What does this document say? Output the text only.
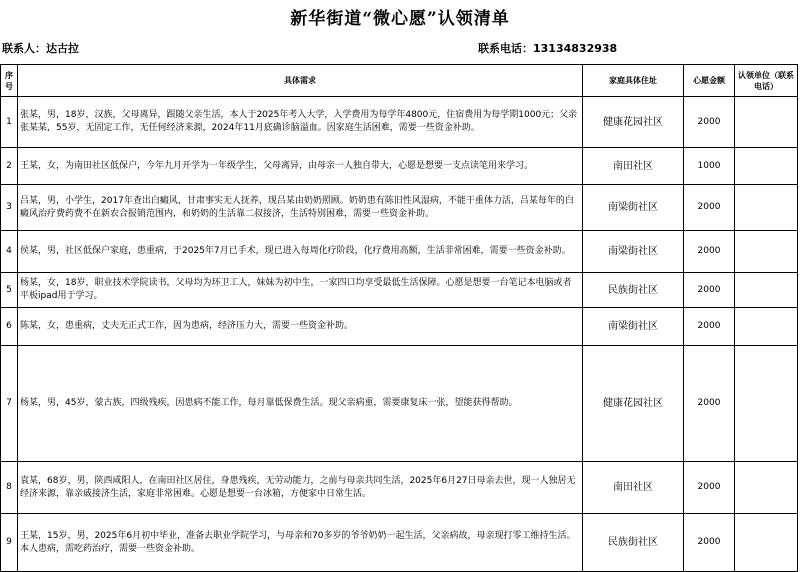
新华街道“微心愿”认领清单
联系人：达古拉	联系电话：13134832938
序号	具体需求	家庭具体住址	心愿金额	认领单位（联系电话）
1	张某，男，18岁，汉族，父母离异，跟随父亲生活，本人于2025年考入大学，入学费用为每学年4800元，住宿费用为每学期1000元；父亲张某某，55岁，无固定工作，无任何经济来源，2024年11月底确诊脑溢血。因家庭生活困难，需要一些资金补助。	健康花园社区	2000	
2	王某，女，为南田社区低保户，今年九月开学为一年级学生，父母离异，由母亲一人独自带大，心愿是想要一支点读笔用来学习。	南田社区	1000	
3	吕某，男，小学生，2017年查出白癜风，甘肃事实无人抚养，现吕某由奶奶照顾。奶奶患有陈旧性风湿病，不能干重体力活，吕某每年的白癜风治疗费药费不在新农合报销范围内，和奶奶的生活靠二叔接济，生活特别困难，需要一些资金补助。	南梁街社区	2000	
4	侯某，男，社区低保户家庭，患重病，于2025年7月已手术，现已进入每周化疗阶段，化疗费用高额，生活非常困难，需要一些资金补助。	南梁街社区	2000	
5	杨某，女，18岁，职业技术学院读书，父母均为环卫工人，妹妹为初中生，一家四口均享受最低生活保障。心愿是想要一台笔记本电脑或者平板ipad用于学习。	民族街社区	2000	
6	陈某，女，患重病，丈夫无正式工作，因为患病，经济压力大，需要一些资金补助。	南梁街社区	2000	
7	杨某，男，45岁，蒙古族，四级残疾，因患病不能工作，每月靠低保费生活。现父亲病重，需要康复床一张，望能获得帮助。	健康花园社区	2000	
8	袁某，68岁，男，陕西咸阳人，在南田社区居住，身患残疾，无劳动能力，之前与母亲共同生活，2025年6月27日母亲去世，现一人独居无经济来源，靠亲戚接济生活，家庭非常困难。心愿是想要一台冰箱，方便家中日常生活。	南田社区	2000	
9	王某，15岁，男，2025年6月初中毕业，准备去职业学院学习，与母亲和70多岁的爷爷奶奶一起生活，父亲病故，母亲现打零工维持生活。本人患病，需吃药治疗，需要一些资金补助。	民族街社区	2000	
